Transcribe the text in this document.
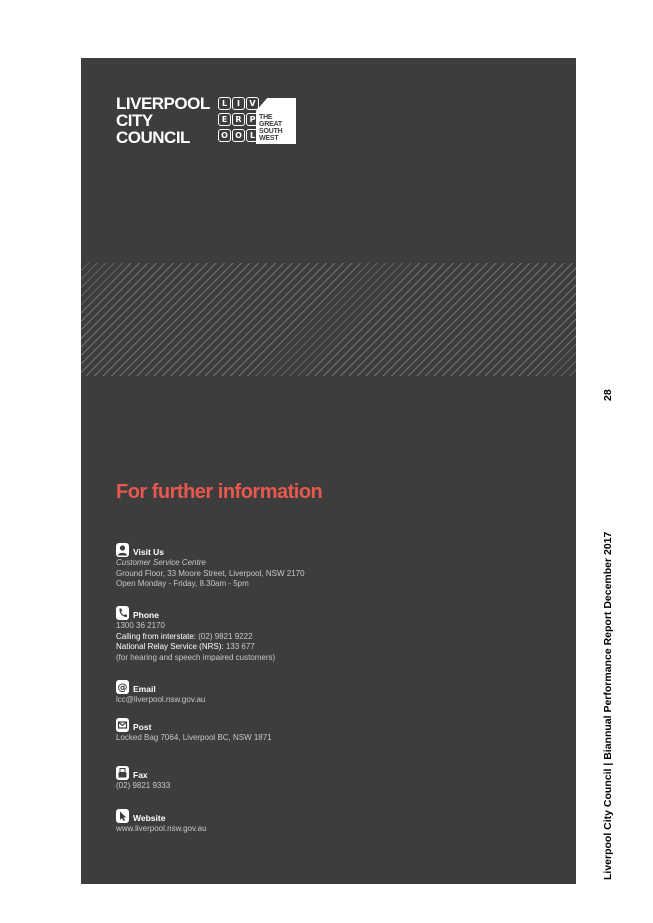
LIVERPOOL
CITY
COUNCIL
L	I	V
E	R P
O O	L
THE
GREAT
SOUTH
WEST
For further information
Visit Us
Customer Service Centre
Ground Floor, 33 Moore Street, Liverpool, NSW 2170
Open Monday - Friday, 8.30am - 5pm
Phone
1300 36 2170
Calling from interstate: (02) 9821 9222
National Relay Service (NRS): 133 677
(for hearing and speech impaired customers)
@ Email
lcc@liverpool.nsw.gov.au
Post
Locked Bag 7064, Liverpool BC, NSW 1871
Fax
(02) 9821 9333
Website
www.liverpool.nsw.gov.au
28
Liverpool City Council | Biannual Performance Report December 2017
